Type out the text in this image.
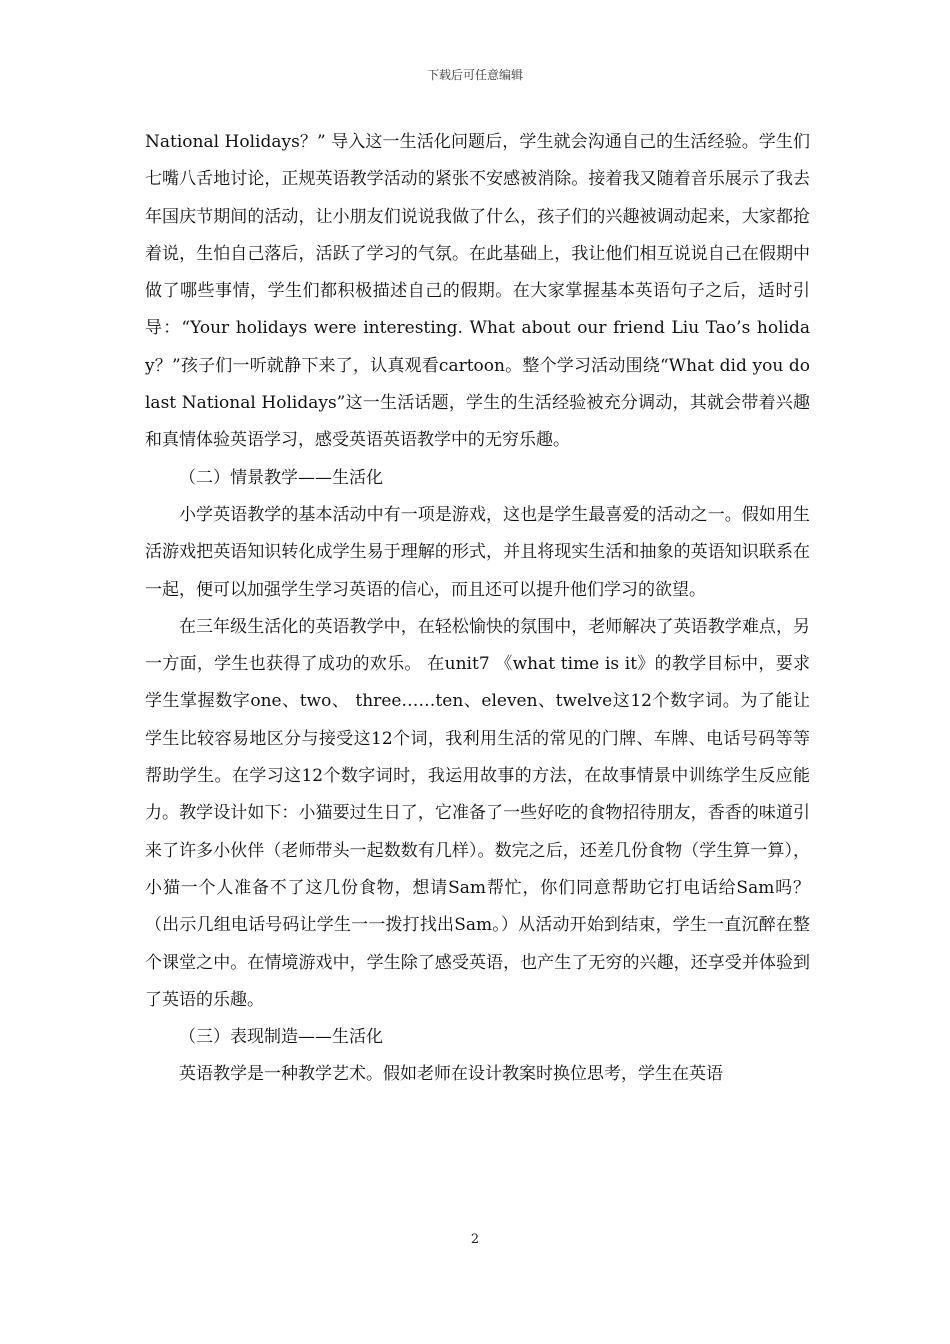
下载后可任意编辑

National Holidays？” 导入这一生活化问题后，学生就会沟通自己的生活经验。学生们七嘴八舌地讨论，正规英语教学活动的紧张不安感被消除。接着我又随着音乐展示了我去年国庆节期间的活动，让小朋友们说说我做了什么，孩子们的兴趣被调动起来，大家都抢着说，生怕自己落后，活跃了学习的气氛。在此基础上，我让他们相互说说自己在假期中做了哪些事情，学生们都积极描述自己的假期。在大家掌握基本英语句子之后，适时引导：“Your holidays were interesting. What about our friend Liu Tao’s holiday？”孩子们一听就静下来了，认真观看cartoon。整个学习活动围绕“What did you do last National Holidays”这一生活话题，学生的生活经验被充分调动，其就会带着兴趣和真情体验英语学习，感受英语英语教学中的无穷乐趣。

（二）情景教学——生活化

小学英语教学的基本活动中有一项是游戏，这也是学生最喜爱的活动之一。假如用生活游戏把英语知识转化成学生易于理解的形式，并且将现实生活和抽象的英语知识联系在一起，便可以加强学生学习英语的信心，而且还可以提升他们学习的欲望。

在三年级生活化的英语教学中，在轻松愉快的氛围中，老师解决了英语教学难点，另一方面，学生也获得了成功的欢乐。 在unit7 《what time is it》的教学目标中，要求学生掌握数字one、two、 three……ten、eleven、twelve这12个数字词。为了能让学生比较容易地区分与接受这12个词，我利用生活的常见的门牌、车牌、电话号码等等帮助学生。在学习这12个数字词时，我运用故事的方法，在故事情景中训练学生反应能力。教学设计如下：小猫要过生日了，它准备了一些好吃的食物招待朋友，香香的味道引来了许多小伙伴（老师带头一起数数有几样）。数完之后，还差几份食物（学生算一算），小猫一个人准备不了这几份食物，想请Sam帮忙，你们同意帮助它打电话给Sam吗？ （出示几组电话号码让学生一一拨打找出Sam。）从活动开始到结束，学生一直沉醉在整个课堂之中。在情境游戏中，学生除了感受英语，也产生了无穷的兴趣，还享受并体验到了英语的乐趣。

（三）表现制造——生活化

英语教学是一种教学艺术。假如老师在设计教案时换位思考，学生在英语

2
